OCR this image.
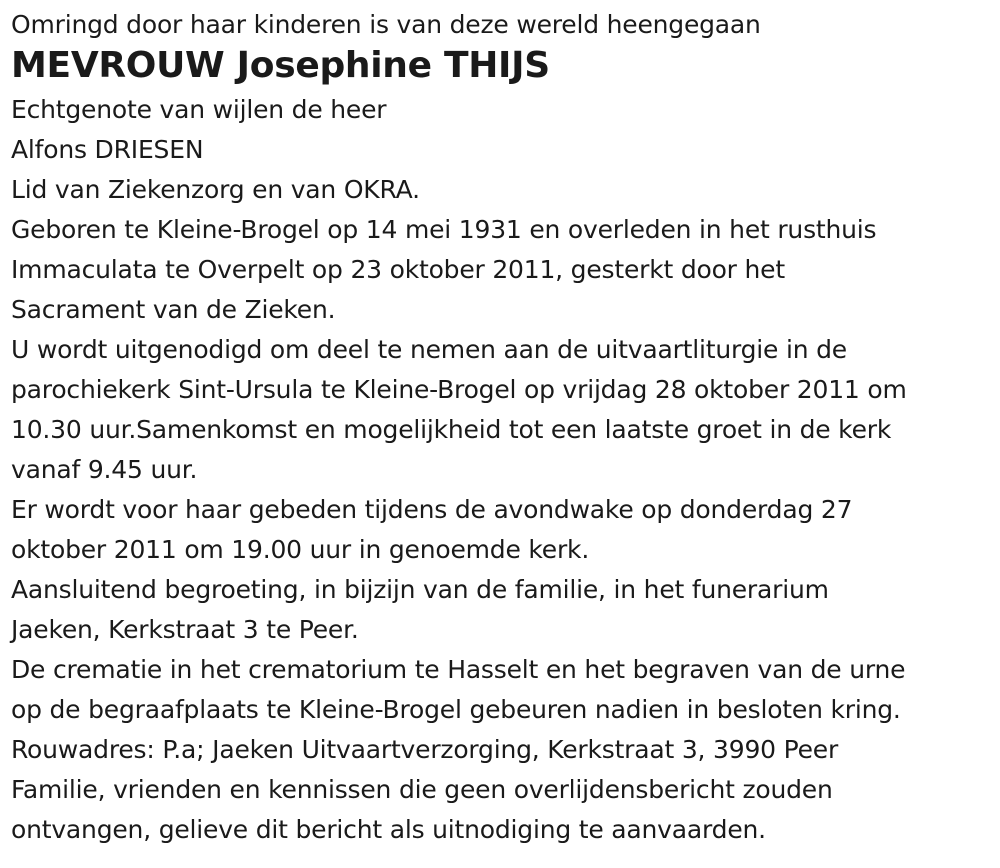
Omringd door haar kinderen is van deze wereld heengegaan
MEVROUW Josephine THIJS
Echtgenote van wijlen de heer
Alfons DRIESEN
Lid van Ziekenzorg en van OKRA.
Geboren te Kleine-Brogel op 14 mei 1931 en overleden in het rusthuis
Immaculata te Overpelt op 23 oktober 2011, gesterkt door het
Sacrament van de Zieken.
U wordt uitgenodigd om deel te nemen aan de uitvaartliturgie in de
parochiekerk Sint-Ursula te Kleine-Brogel op vrijdag 28 oktober 2011 om
10.30 uur.Samenkomst en mogelijkheid tot een laatste groet in de kerk
vanaf 9.45 uur.
Er wordt voor haar gebeden tijdens de avondwake op donderdag 27
oktober 2011 om 19.00 uur in genoemde kerk.
Aansluitend begroeting, in bijzijn van de familie, in het funerarium
Jaeken, Kerkstraat 3 te Peer.
De crematie in het crematorium te Hasselt en het begraven van de urne
op de begraafplaats te Kleine-Brogel gebeuren nadien in besloten kring.
Rouwadres: P.a; Jaeken Uitvaartverzorging, Kerkstraat 3, 3990 Peer
Familie, vrienden en kennissen die geen overlijdensbericht zouden
ontvangen, gelieve dit bericht als uitnodiging te aanvaarden.
